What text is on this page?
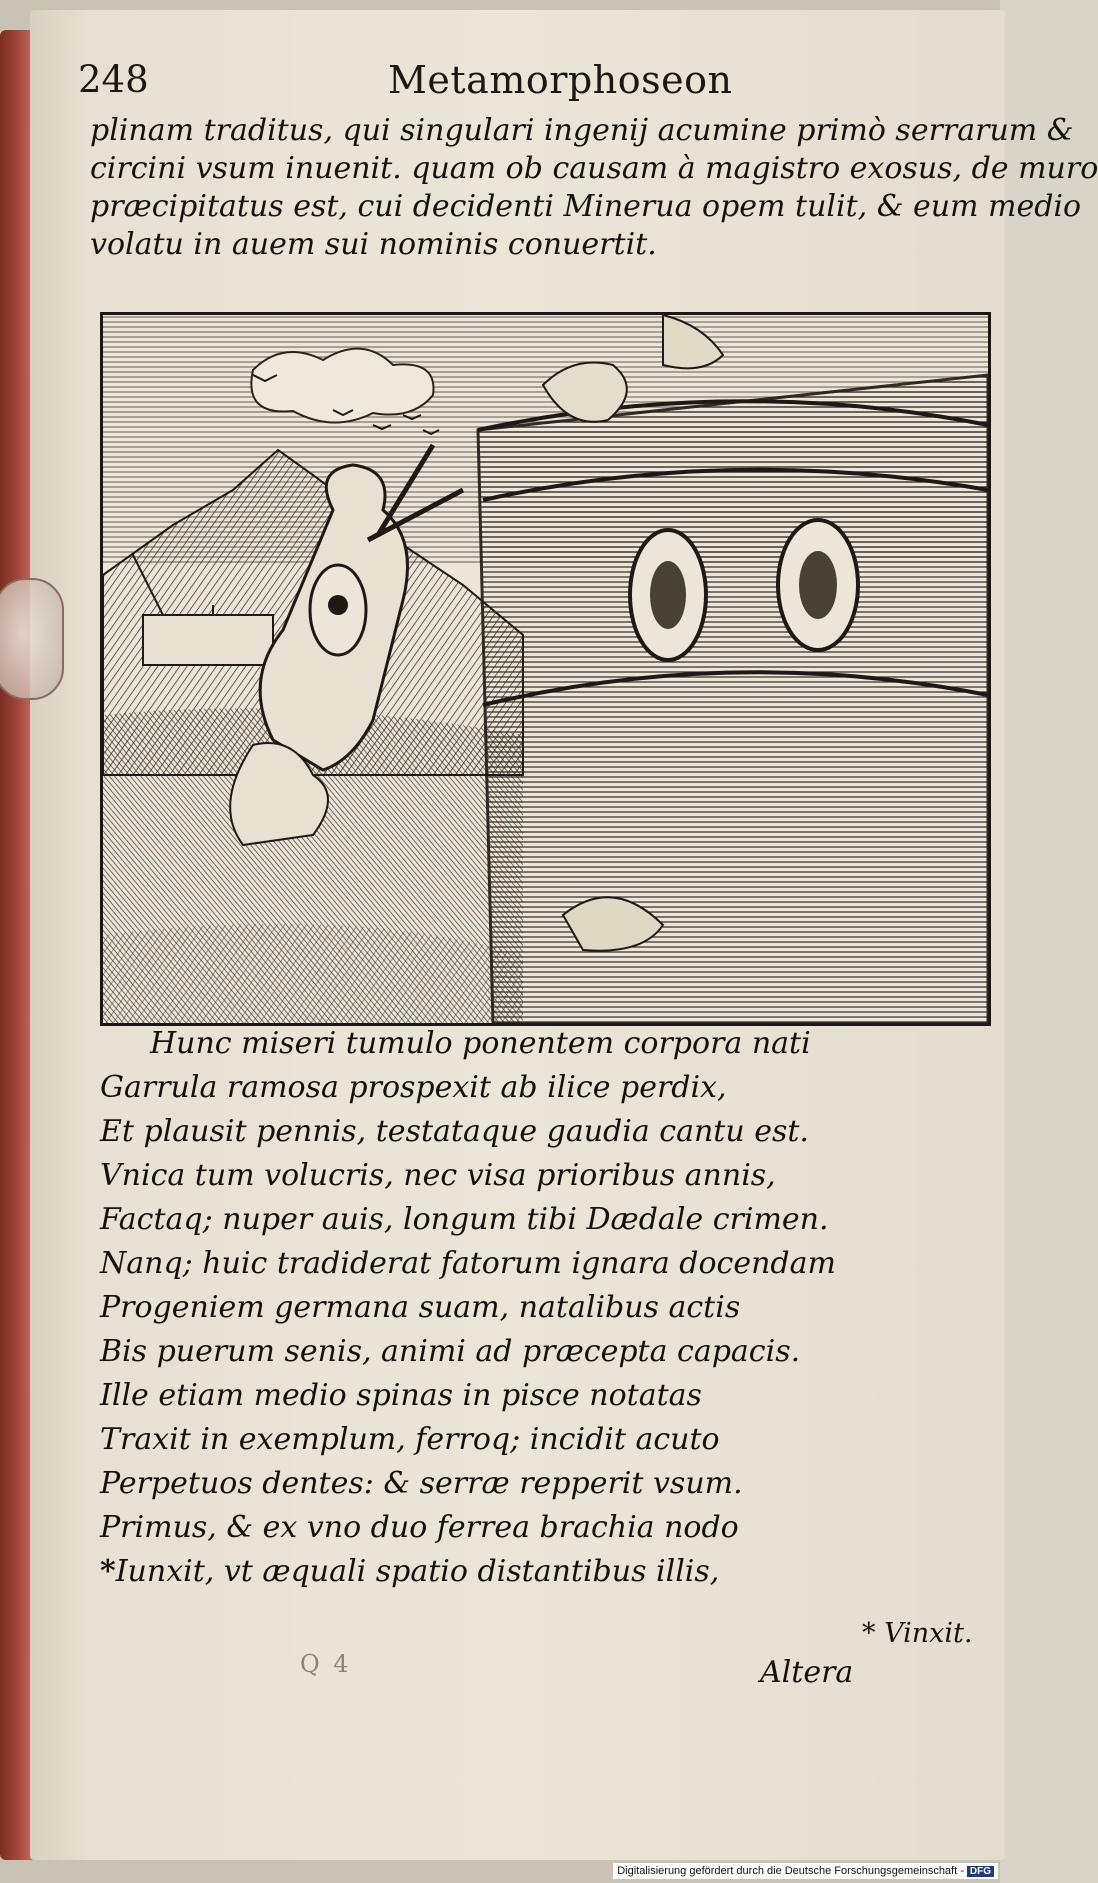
248	Metamorphoseon
plinam traditus, qui singulari ingenij acumine primò serrarum &
circini vsum inuenit. quam ob causam à magistro exosus, de muro
præcipitatus est, cui decidenti Minerua opem tulit, & eum medio
volatu in auem sui nominis conuertit.
Hunc miseri tumulo ponentem corpora nati
Garrula ramosa prospexit ab ilice perdix,
Et plausit pennis, testataque gaudia cantu est.
Vnica tum volucris, nec visa prioribus annis,
Factaq; nuper auis, longum tibi Dædale crimen.
Nanq; huic tradiderat fatorum ignara docendam
Progeniem germana suam, natalibus actis
Bis puerum senis, animi ad præcepta capacis.
Ille etiam medio spinas in pisce notatas
Traxit in exemplum, ferroq; incidit acuto
Perpetuos dentes: & serræ repperit vsum.
Primus, & ex vno duo ferrea brachia nodo
*Iunxit, vt æquali spatio distantibus illis,
* Vinxit.
Q 4	Altera
Digitalisierung gefördert durch die Deutsche Forschungsgemeinschaft - DFG
